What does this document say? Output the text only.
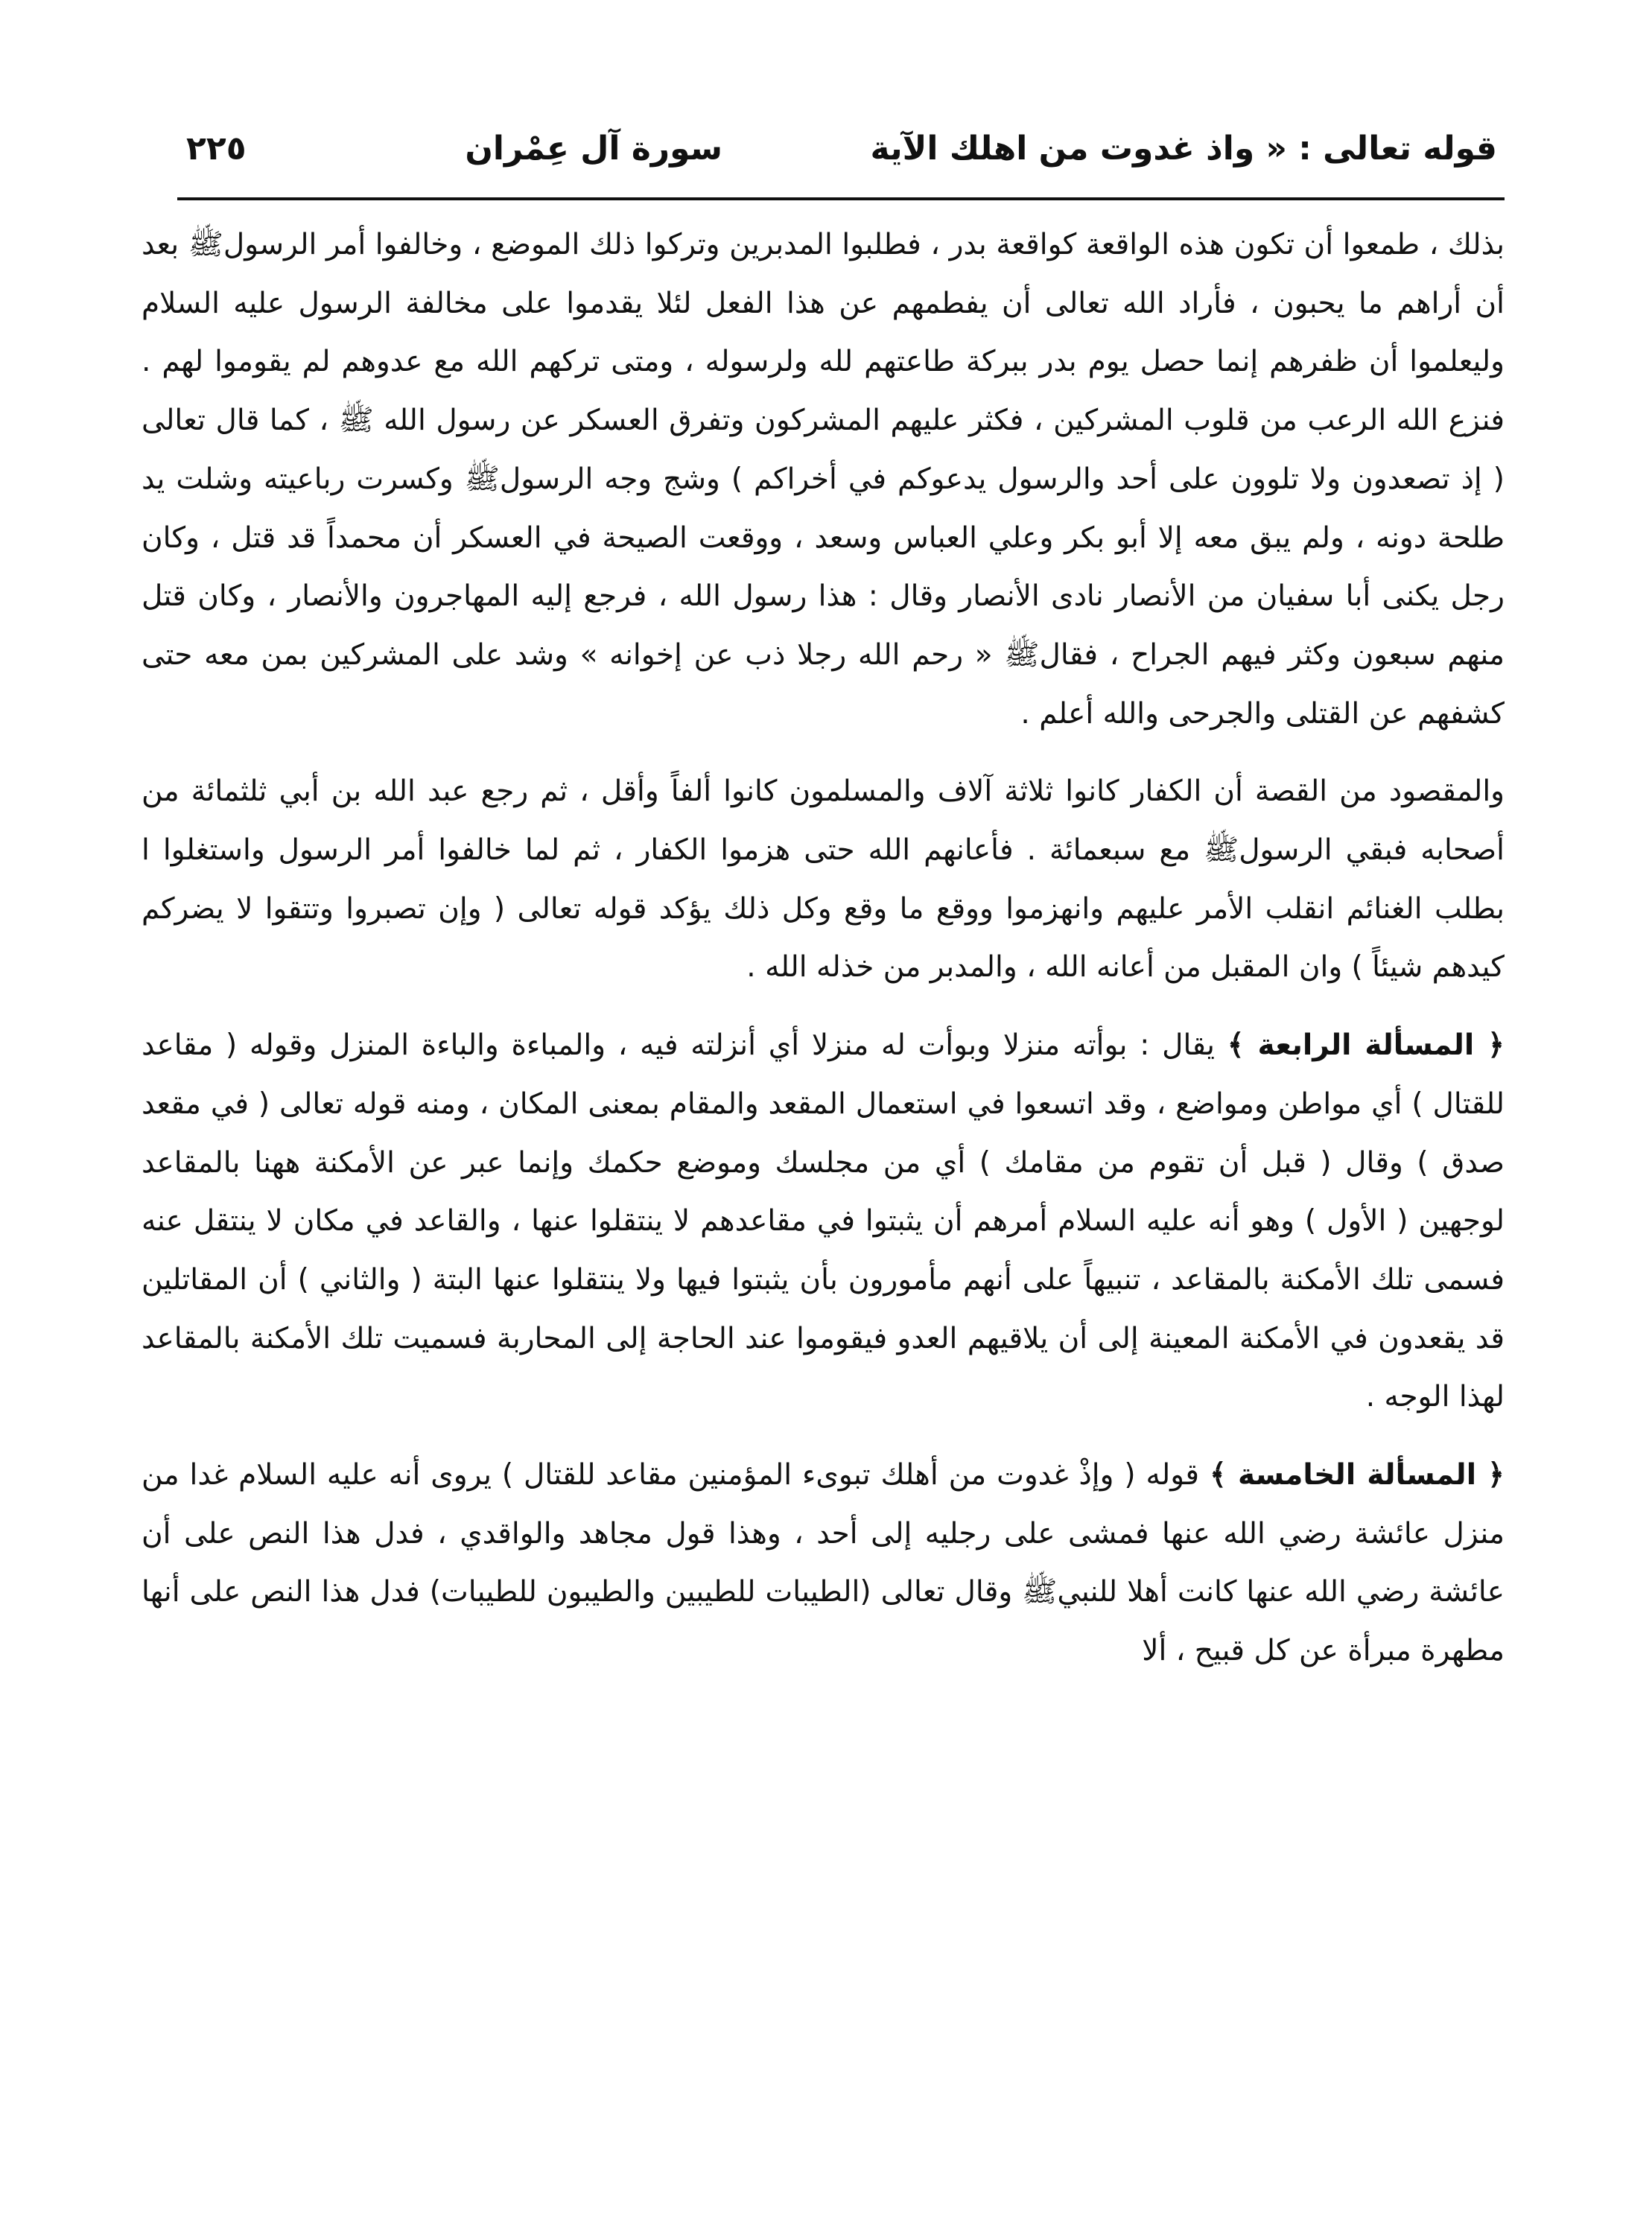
قوله تعالى : « واذ غدوت من اهلك الآية
سورة آل عِمْران
٢٢٥

بذلك ، طمعوا أن تكون هذه الواقعة كواقعة بدر ، فطلبوا المدبرين وتركوا ذلك الموضع ، وخالفوا أمر الرسولﷺ بعد أن أراهم ما يحبون ، فأراد الله تعالى أن يفطمهم عن هذا الفعل لئلا يقدموا على مخالفة الرسول عليه السلام وليعلموا أن ظفرهم إنما حصل يوم بدر ببركة طاعتهم لله ولرسوله ، ومتى تركهم الله مع عدوهم لم يقوموا لهم . فنزع الله الرعب من قلوب المشركين ، فكثر عليهم المشركون وتفرق العسكر عن رسول الله ﷺ ، كما قال تعالى ( إذ تصعدون ولا تلوون على أحد والرسول يدعوكم في أخراكم ) وشج وجه الرسولﷺ وكسرت رباعيته وشلت يد طلحة دونه ، ولم يبق معه إلا أبو بكر وعلي العباس وسعد ، ووقعت الصيحة في العسكر أن محمداً قد قتل ، وكان رجل يكنى أبا سفيان من الأنصار نادى الأنصار وقال : هذا رسول الله ، فرجع إليه المهاجرون والأنصار ، وكان قتل منهم سبعون وكثر فيهم الجراح ، فقالﷺ « رحم الله رجلا ذب عن إخوانه » وشد على المشركين بمن معه حتى كشفهم عن القتلى والجرحى والله أعلم .

والمقصود من القصة أن الكفار كانوا ثلاثة آلاف والمسلمون كانوا ألفاً وأقل ، ثم رجع عبد الله بن أبي ثلثمائة من أصحابه فبقي الرسولﷺ مع سبعمائة . فأعانهم الله حتى هزموا الكفار ، ثم لما خالفوا أمر الرسول واستغلوا ا بطلب الغنائم انقلب الأمر عليهم وانهزموا ووقع ما وقع وكل ذلك يؤكد قوله تعالى ( وإن تصبروا وتتقوا لا يضركم كيدهم شيئاً ) وان المقبل من أعانه الله ، والمدبر من خذله الله .

﴿ المسألة الرابعة ﴾ يقال : بوأته منزلا وبوأت له منزلا أي أنزلته فيه ، والمباءة والباءة المنزل وقوله ( مقاعد للقتال ) أي مواطن ومواضع ، وقد اتسعوا في استعمال المقعد والمقام بمعنى المكان ، ومنه قوله تعالى ( في مقعد صدق ) وقال ( قبل أن تقوم من مقامك ) أي من مجلسك وموضع حكمك وإنما عبر عن الأمكنة ههنا بالمقاعد لوجهين ( الأول ) وهو أنه عليه السلام أمرهم أن يثبتوا في مقاعدهم لا ينتقلوا عنها ، والقاعد في مكان لا ينتقل عنه فسمى تلك الأمكنة بالمقاعد ، تنبيهاً على أنهم مأمورون بأن يثبتوا فيها ولا ينتقلوا عنها البتة ( والثاني ) أن المقاتلين قد يقعدون في الأمكنة المعينة إلى أن يلاقيهم العدو فيقوموا عند الحاجة إلى المحاربة فسميت تلك الأمكنة بالمقاعد لهذا الوجه .

﴿ المسألة الخامسة ﴾ قوله ( وإذْ غدوت من أهلك تبوىء المؤمنين مقاعد للقتال ) يروى أنه عليه السلام غدا من منزل عائشة رضي الله عنها فمشى على رجليه إلى أحد ، وهذا قول مجاهد والواقدي ، فدل هذا النص على أن عائشة رضي الله عنها كانت أهلا للنبيﷺ وقال تعالى (الطيبات للطيبين والطيبون للطيبات) فدل هذا النص على أنها مطهرة مبرأة عن كل قبيح ، ألا
